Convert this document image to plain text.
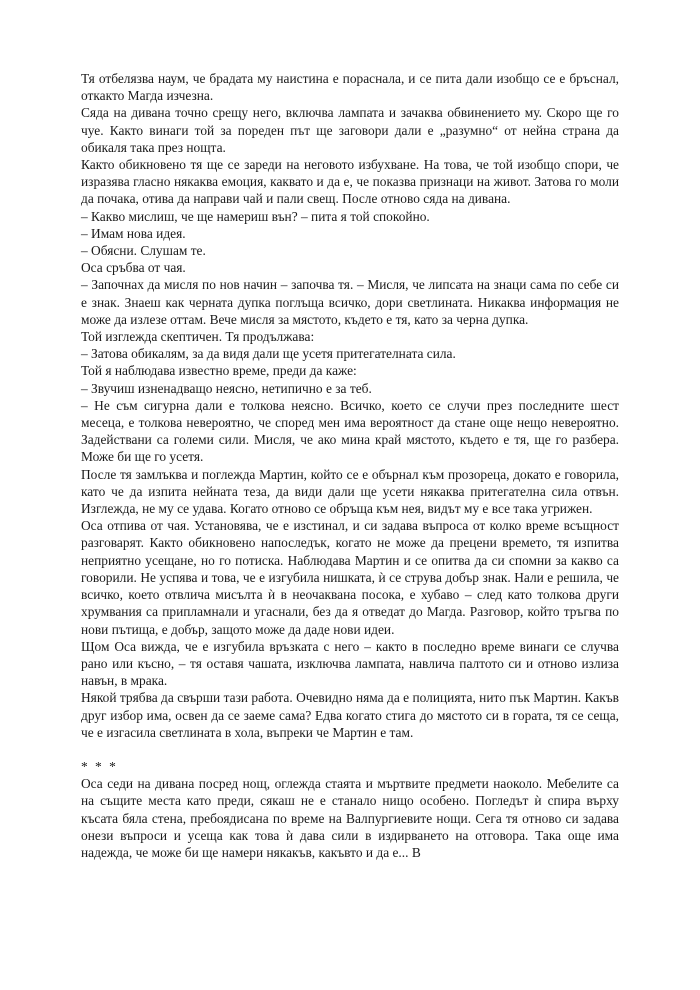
Тя отбелязва наум, че брадата му наистина е пораснала, и се пита дали изобщо се е бръснал, откакто Магда изчезна.

Сяда на дивана точно срещу него, включва лампата и зачаква обвинението му. Скоро ще го чуе. Както винаги той за пореден път ще заговори дали е „разумно“ от нейна страна да обикаля така през нощта.

Както обикновено тя ще се зареди на неговото избухване. На това, че той изобщо спори, че изразява гласно някаква емоция, каквато и да е, че показва признаци на живот. Затова го моли да почака, отива да направи чай и пали свещ. После отново сяда на дивана.

– Какво мислиш, че ще намериш вън? – пита я той спокойно.

– Имам нова идея.

– Обясни. Слушам те.

Оса сръбва от чая.

– Започнах да мисля по нов начин – започва тя. – Мисля, че липсата на знаци сама по себе си е знак. Знаеш как черната дупка поглъща всичко, дори светлината. Никаква информация не може да излезе оттам. Вече мисля за мястото, където е тя, като за черна дупка.

Той изглежда скептичен. Тя продължава:

– Затова обикалям, за да видя дали ще усетя притегателната сила.

Той я наблюдава известно време, преди да каже:

– Звучиш изненадващо неясно, нетипично е за теб.

– Не съм сигурна дали е толкова неясно. Всичко, което се случи през последните шест месеца, е толкова невероятно, че според мен има вероятност да стане още нещо невероятно. Задействани са големи сили. Мисля, че ако мина край мястото, където е тя, ще го разбера. Може би ще го усетя.

После тя замлъква и поглежда Мартин, който се е обърнал към прозореца, докато е говорила, като че да изпита нейната теза, да види дали ще усети някаква притегателна сила отвън. Изглежда, не му се удава. Когато отново се обръща към нея, видът му е все така угрижен.

Оса отпива от чая. Установява, че е изстинал, и си задава въпроса от колко време всъщност разговарят. Както обикновено напоследък, когато не може да прецени времето, тя изпитва неприятно усещане, но го потиска. Наблюдава Мартин и се опитва да си спомни за какво са говорили. Не успява и това, че е изгубила нишката, ѝ се струва добър знак. Нали е решила, че всичко, което отвлича мисълта ѝ в неочаквана посока, е хубаво – след като толкова други хрумвания са припламнали и угаснали, без да я отведат до Магда. Разговор, който тръгва по нови пътища, е добър, защото може да даде нови идеи.

Щом Оса вижда, че е изгубила връзката с него – както в последно време винаги се случва рано или късно, – тя оставя чашата, изключва лампата, навлича палтото си и отново излиза навън, в мрака.

Някой трябва да свърши тази работа. Очевидно няма да е полицията, нито пък Мартин. Какъв друг избор има, освен да се заеме сама? Едва когато стига до мястото си в гората, тя се сеща, че е изгасила светлината в хола, въпреки че Мартин е там.

* * *

Оса седи на дивана посред нощ, оглежда стаята и мъртвите предмети наоколо. Мебелите са на същите места като преди, сякаш не е станало нищо особено. Погледът ѝ спира върху късата бяла стена, пребоядисана по време на Валпургиевите нощи. Сега тя отново си задава онези въпроси и усеща как това ѝ дава сили в издирването на отговора. Така още има надежда, че може би ще намери някакъв, какъвто и да е... В
